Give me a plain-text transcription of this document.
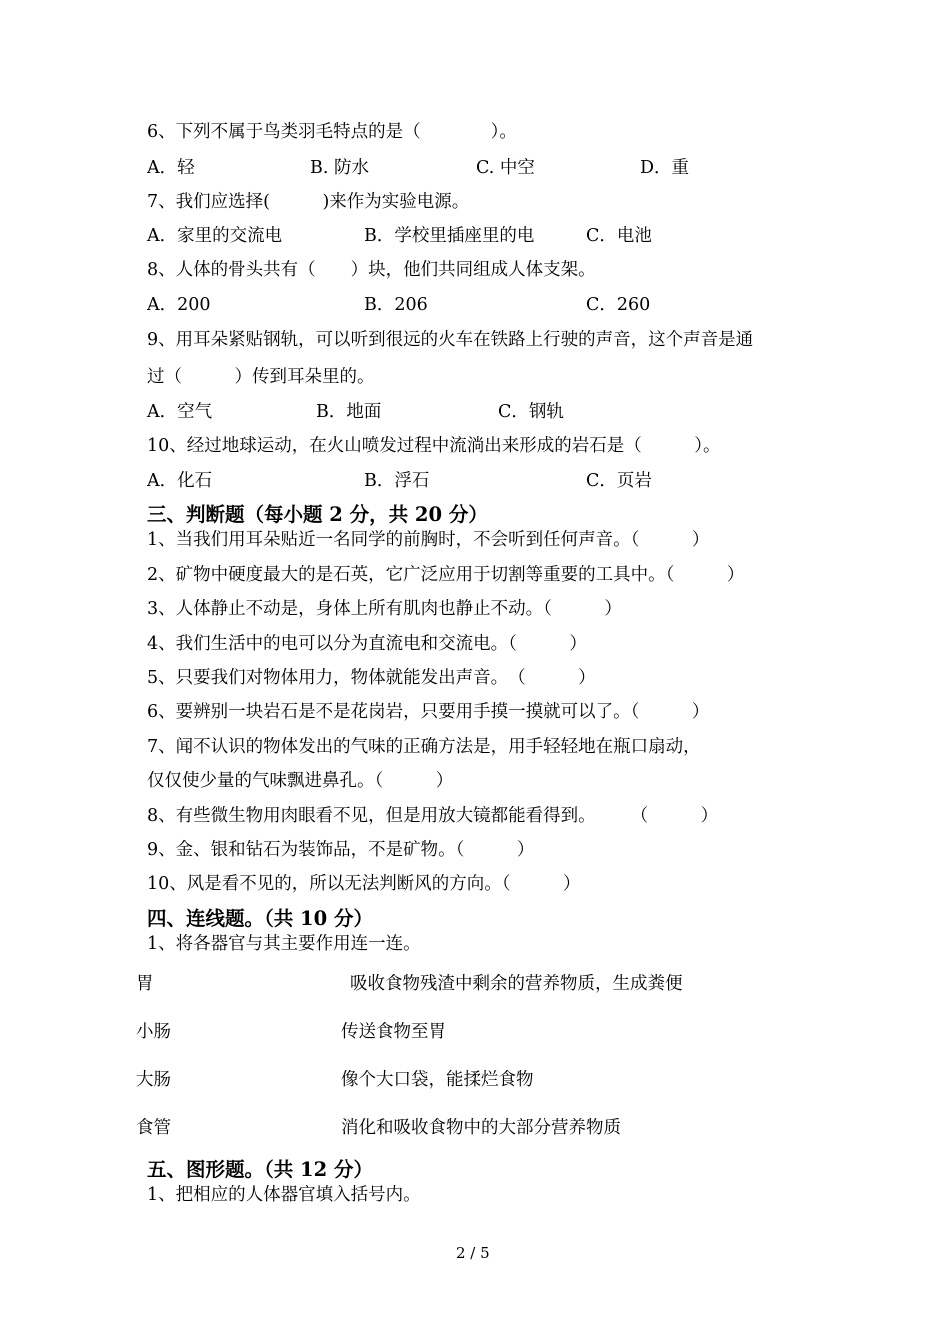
6、下列不属于鸟类羽毛特点的是（　　　　）。
A．轻	B. 防水	C. 中空	D．重
7、我们应选择(　　　)来作为实验电源。
A．家里的交流电	B．学校里插座里的电	C．电池
8、人体的骨头共有（　　）块，他们共同组成人体支架。
A．200	B．206	C．260
9、用耳朵紧贴钢轨，可以听到很远的火车在铁路上行驶的声音，这个声音是通
过（　　　）传到耳朵里的。
A．空气	B．地面	C．钢轨
10、经过地球运动，在火山喷发过程中流淌出来形成的岩石是（　　　）。
A．化石	B．浮石	C．页岩
三、判断题（每小题 2 分，共 20 分）
1、当我们用耳朵贴近一名同学的前胸时，不会听到任何声音。（　　　）
2、矿物中硬度最大的是石英，它广泛应用于切割等重要的工具中。（　　　）
3、人体静止不动是，身体上所有肌肉也静止不动。（　　　）
4、我们生活中的电可以分为直流电和交流电。（　　　）
5、只要我们对物体用力，物体就能发出声音。　（　　　）
6、要辨别一块岩石是不是花岗岩，只要用手摸一摸就可以了。（　　　）
7、闻不认识的物体发出的气味的正确方法是，用手轻轻地在瓶口扇动，
仅仅使少量的气味飘进鼻孔。（　　　）
8、有些微生物用肉眼看不见，但是用放大镜都能看得到。　　　（　　　）
9、金、银和钻石为装饰品，不是矿物。（　　　）
10、风是看不见的，所以无法判断风的方向。（　　　）
四、连线题。（共 10 分）
1、将各器官与其主要作用连一连。
胃	吸收食物残渣中剩余的营养物质，生成粪便
小肠	传送食物至胃
大肠	像个大口袋，能揉烂食物
食管	消化和吸收食物中的大部分营养物质
五、图形题。（共 12 分）
1、把相应的人体器官填入括号内。
2 / 5
